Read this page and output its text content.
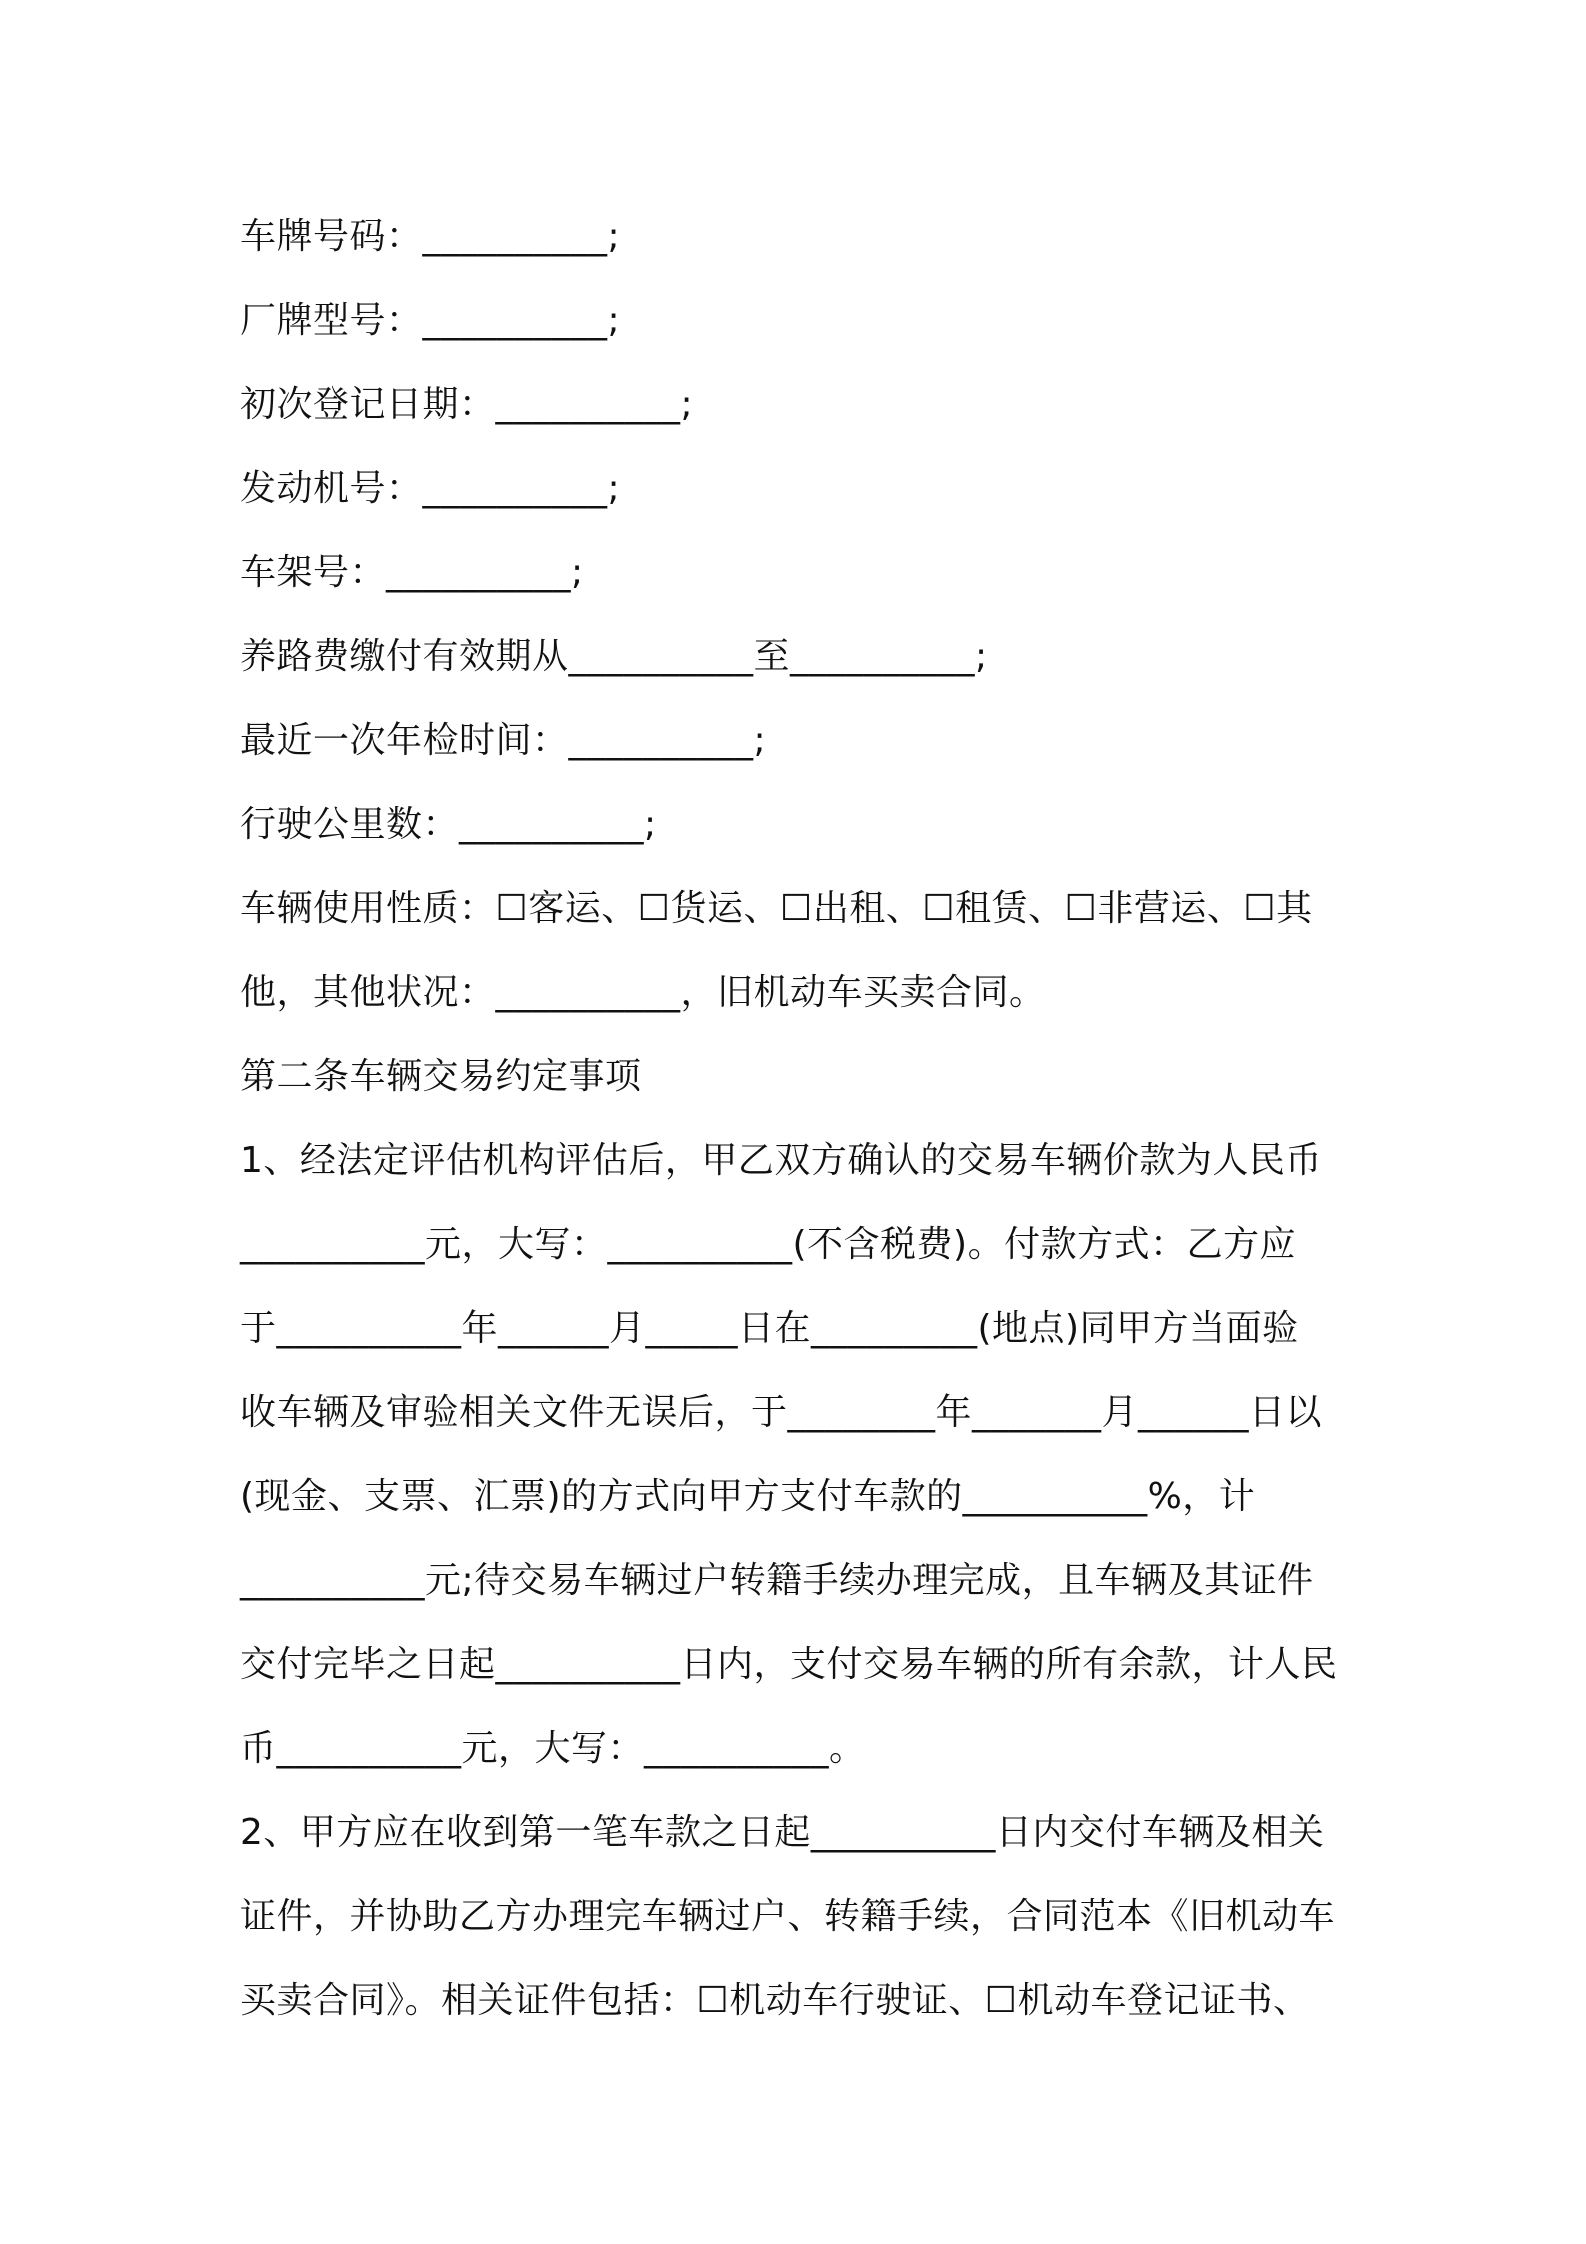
车牌号码：__________;
厂牌型号：__________;
初次登记日期：__________;
发动机号：__________;
车架号：__________;
养路费缴付有效期从__________至__________;
最近一次年检时间：__________;
行驶公里数：__________;
车辆使用性质：☐客运、☐货运、☐出租、☐租赁、☐非营运、☐其
他，其他状况：__________，旧机动车买卖合同。
第二条车辆交易约定事项
1、经法定评估机构评估后，甲乙双方确认的交易车辆价款为人民币
__________元，大写：__________(不含税费)。付款方式：乙方应
于__________年______月_____日在_________(地点)同甲方当面验
收车辆及审验相关文件无误后，于________年_______月______日以
(现金、支票、汇票)的方式向甲方支付车款的__________%，计
__________元;待交易车辆过户转籍手续办理完成，且车辆及其证件
交付完毕之日起__________日内，支付交易车辆的所有余款，计人民
币__________元，大写：__________。
2、甲方应在收到第一笔车款之日起__________日内交付车辆及相关
证件，并协助乙方办理完车辆过户、转籍手续，合同范本《旧机动车
买卖合同》。相关证件包括：☐机动车行驶证、☐机动车登记证书、
